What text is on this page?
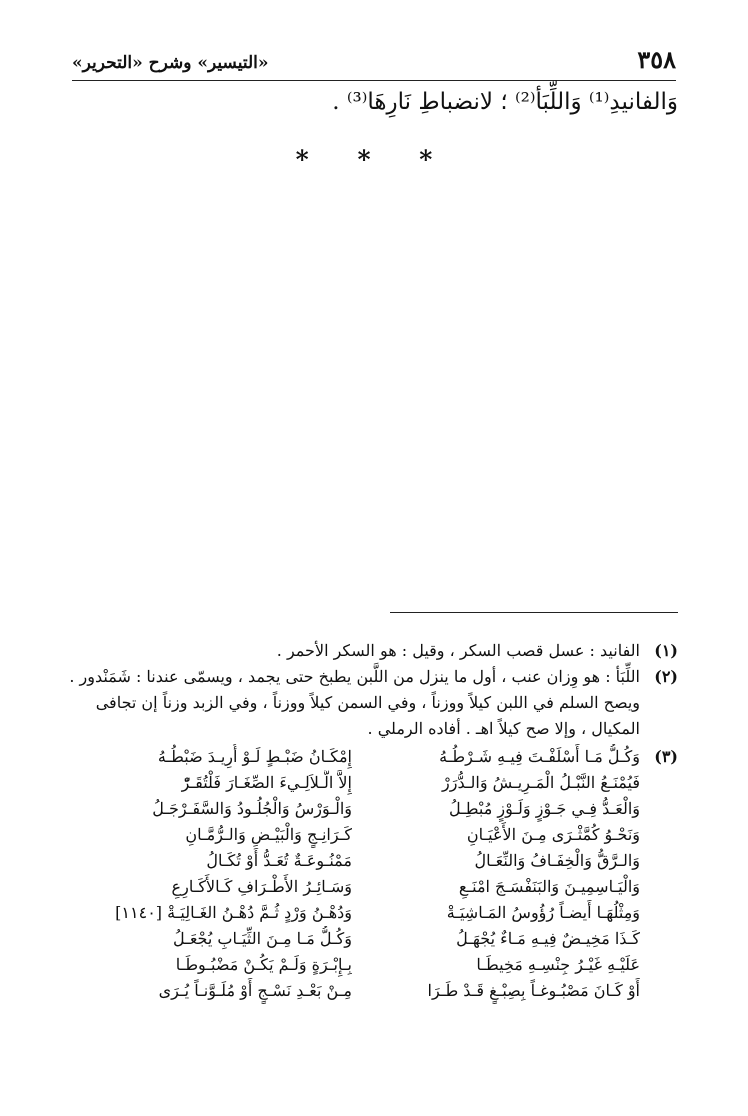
٣٥٨
«التيسير» وشرح «التحرير»
وَالفانيدِ⁽¹⁾ وَاللِّبَأ⁽²⁾ ؛ لانضباطِ نَارِهَا⁽³⁾ .
* * *
(١)
الفانيد : عسل قصب السكر ، وقيل : هو السكر الأحمر .
(٢)
اللِّبَأ : هو وِزان عنب ، أول ما ينزل من اللَّبن يطبخ حتى يجمد ، ويسمّى عندنا : شَمَنْدور . ويصح السلم في اللبن كيلاً ووزناً ، وفي السمن كيلاً ووزناً ، وفي الزبد وزناً إن تجافى المكيال ، وإلا صح كيلاً اهـ . أفاده الرملي .
(٣)
وَكُـلُّ مَـا أَسْلَفْـتَ فِيـهِ شَـرْطُـهُ
إِمْكَـانُ ضَبْـطٍ لَـوْ أُرِيـدَ ضَبْطُـهُ
فَيُمْنَـعُ النَّبْـلُ الْمَـرِيـشُ وَالـدُّرَرْ
إِلاَّ الَّـلاَلِـيءَ الصِّغَـارَ فَلْتُقَـرّْ
وَالْعَـدُّ فِـي جَـوْزٍ وَلَـوْزٍ مُبْطِـلُ
وَالْـوَرْسُ وَالْجُلُـودُ وَالسَّفَـرْجَـلُ
وَنَحْـوُ كُمَّثْـرَى مِـنَ الأَعْيَـانِ
كَـرَانِـجٍ وَالْبَيْـضِ وَالـرُّمَّـانِ
وَالـرَّقُّ وَالْخِفَـافُ وَالنِّعَـالُ
مَمْنُـوعَـةٌ تُعَـدُّ أَوْ تُكَـالُ
وَالْيَـاسِمِيـنَ وَالبَنَفْسَـجَ امْنَـعِ
وَسَـائِـرُ الأَطْـرَافِ كَـالأَكَـارِعِ
وَمِثْلُهَـا أَيضـاً رُؤُوسُ المَـاشِيَـةْ
وَدُهْـنُ وَرْدٍ ثُـمَّ دُهْـنُ الغَـالِيَـةْ [١١٤٠]
كَـذَا مَخِيـضٌ فِيـهِ مَـاءٌ يُجْهَـلُ
وَكُـلُّ مَـا مِـنَ الثِّيَـابِ يُجْعَـلُ
عَلَيْـهِ غَيْـرُ جِنْسِـهِ مَخِيطَـا
بِـإِبْـرَةٍ وَلَـمْ يَكُـنْ مَضْبُـوطَـا
أَوْ كَـانَ مَصْبُـوغـاً بِصِبْـغٍ قَـدْ طَـرَا
مِـنْ بَعْـدِ نَسْـجٍ أَوْ مُلَـوَّنـاً يُـرَى
